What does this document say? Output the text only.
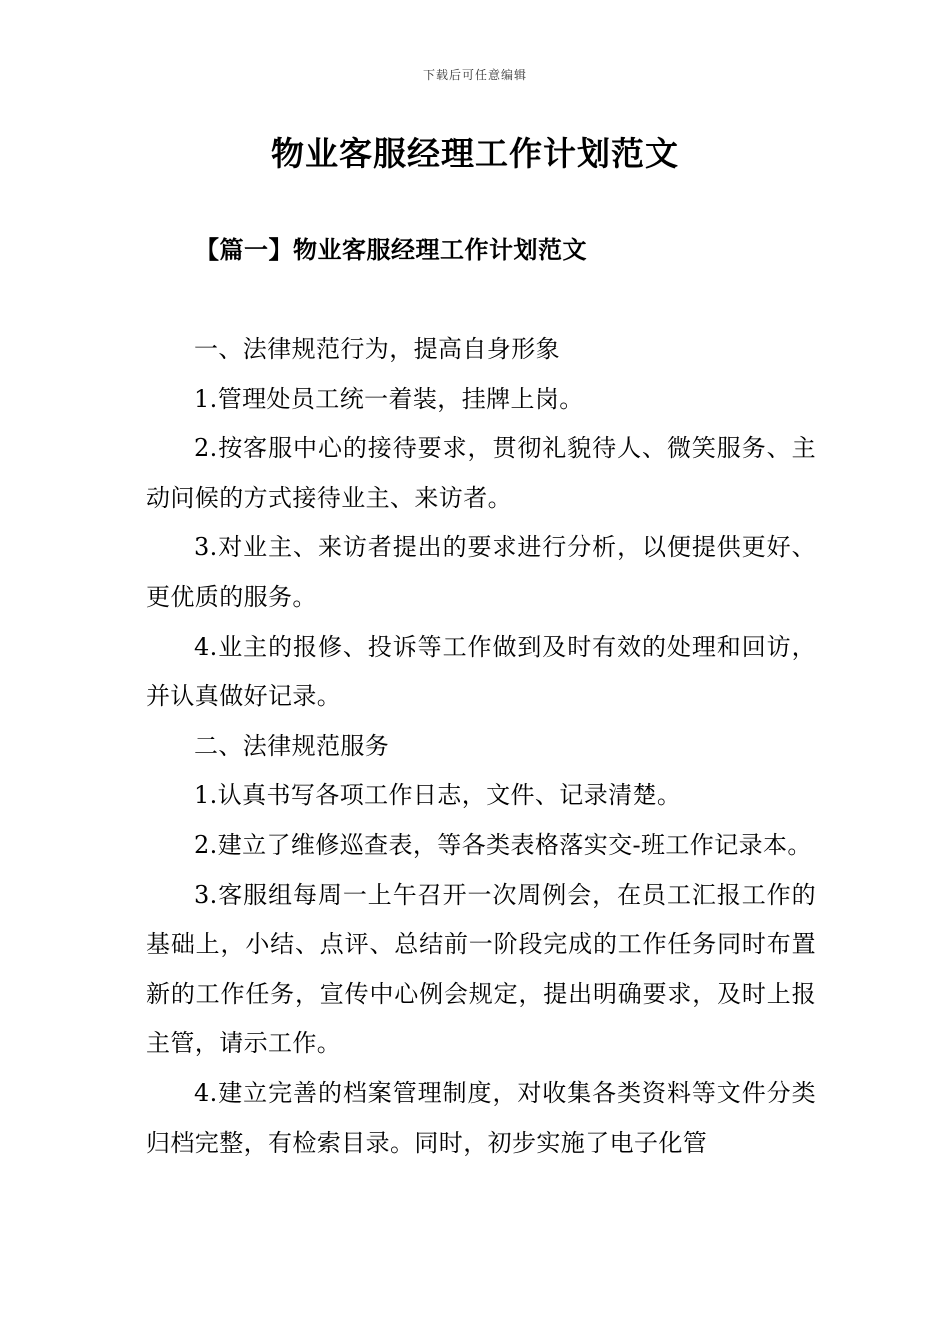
下载后可任意编辑
物业客服经理工作计划范文
【篇一】物业客服经理工作计划范文

一、法律规范行为，提高自身形象

1.管理处员工统一着装，挂牌上岗。

2.按客服中心的接待要求，贯彻礼貌待人、微笑服务、主动问候的方式接待业主、来访者。

3.对业主、来访者提出的要求进行分析，以便提供更好、更优质的服务。

4.业主的报修、投诉等工作做到及时有效的处理和回访，并认真做好记录。

二、法律规范服务

1.认真书写各项工作日志，文件、记录清楚。

2.建立了维修巡查表，等各类表格落实交-班工作记录本。

3.客服组每周一上午召开一次周例会，在员工汇报工作的基础上，小结、点评、总结前一阶段完成的工作任务同时布置新的工作任务，宣传中心例会规定，提出明确要求，及时上报主管，请示工作。

4.建立完善的档案管理制度，对收集各类资料等文件分类归档完整，有检索目录。同时，初步实施了电子化管
